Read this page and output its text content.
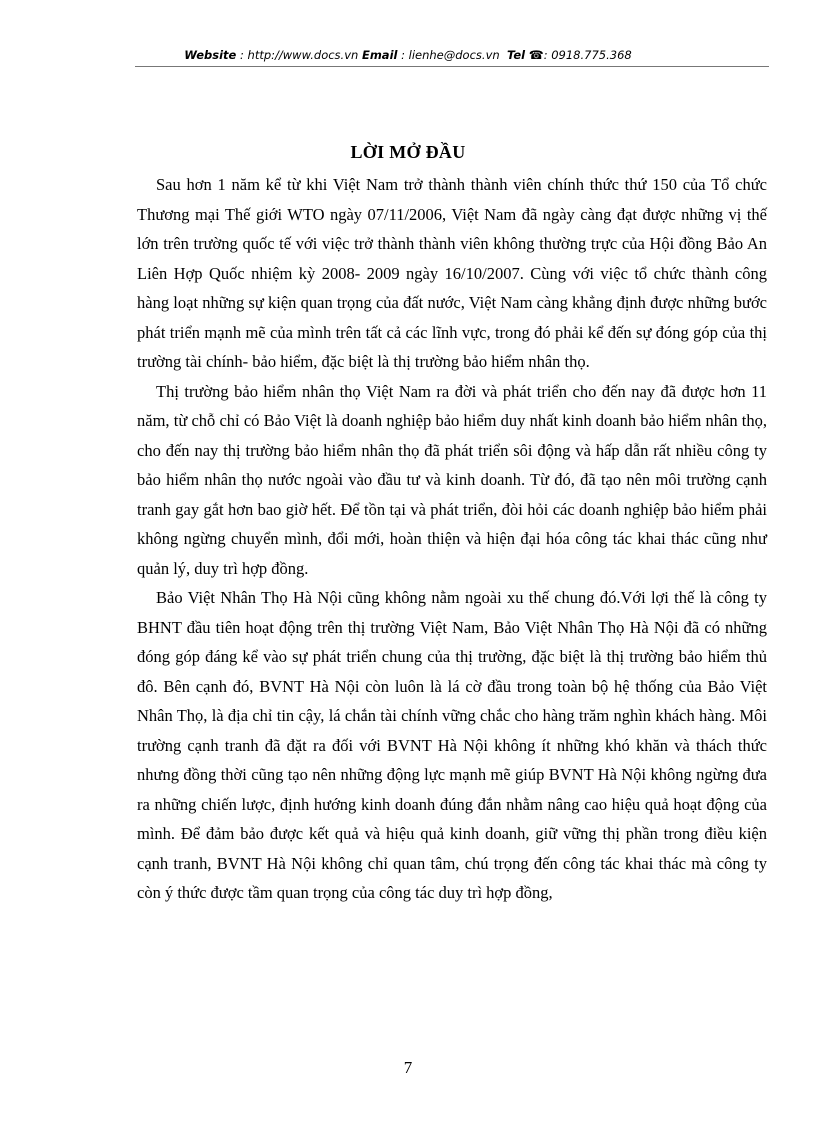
Website : http://www.docs.vn Email : lienhe@docs.vn Tel ☎: 0918.775.368
LỜI MỞ ĐẦU

Sau hơn 1 năm kể từ khi Việt Nam trở thành thành viên chính thức thứ 150 của Tổ chức Thương mại Thế giới WTO ngày 07/11/2006, Việt Nam đã ngày càng đạt được những vị thế lớn trên trường quốc tế với việc trở thành thành viên không thường trực của Hội đồng Bảo An Liên Hợp Quốc nhiệm kỳ 2008- 2009 ngày 16/10/2007. Cùng với việc tổ chức thành công hàng loạt những sự kiện quan trọng của đất nước, Việt Nam càng khẳng định được những bước phát triển mạnh mẽ của mình trên tất cả các lĩnh vực, trong đó phải kể đến sự đóng góp của thị trường tài chính- bảo hiểm, đặc biệt là thị trường bảo hiểm nhân thọ.

Thị trường bảo hiểm nhân thọ Việt Nam ra đời và phát triển cho đến nay đã được hơn 11 năm, từ chỗ chỉ có Bảo Việt là doanh nghiệp bảo hiểm duy nhất kinh doanh bảo hiểm nhân thọ, cho đến nay thị trường bảo hiểm nhân thọ đã phát triển sôi động và hấp dẫn rất nhiều công ty bảo hiểm nhân thọ nước ngoài vào đầu tư và kinh doanh. Từ đó, đã tạo nên môi trường cạnh tranh gay gắt hơn bao giờ hết. Để tồn tại và phát triển, đòi hỏi các doanh nghiệp bảo hiểm phải không ngừng chuyển mình, đổi mới, hoàn thiện và hiện đại hóa công tác khai thác cũng như quản lý, duy trì hợp đồng.

Bảo Việt Nhân Thọ Hà Nội cũng không nằm ngoài xu thế chung đó.Với lợi thế là công ty BHNT đầu tiên hoạt động trên thị trường Việt Nam, Bảo Việt Nhân Thọ Hà Nội đã có những đóng góp đáng kể vào sự phát triển chung của thị trường, đặc biệt là thị trường bảo hiểm thủ đô. Bên cạnh đó, BVNT Hà Nội còn luôn là lá cờ đầu trong toàn bộ hệ thống của Bảo Việt Nhân Thọ, là địa chỉ tin cậy, lá chắn tài chính vững chắc cho hàng trăm nghìn khách hàng. Môi trường cạnh tranh đã đặt ra đối với BVNT Hà Nội không ít những khó khăn và thách thức nhưng đồng thời cũng tạo nên những động lực mạnh mẽ giúp BVNT Hà Nội không ngừng đưa ra những chiến lược, định hướng kinh doanh đúng đắn nhằm nâng cao hiệu quả hoạt động của mình. Để đảm bảo được kết quả và hiệu quả kinh doanh, giữ vững thị phần trong điều kiện cạnh tranh, BVNT Hà Nội không chỉ quan tâm, chú trọng đến công tác khai thác mà công ty còn ý thức được tầm quan trọng của công tác duy trì hợp đồng,

7
